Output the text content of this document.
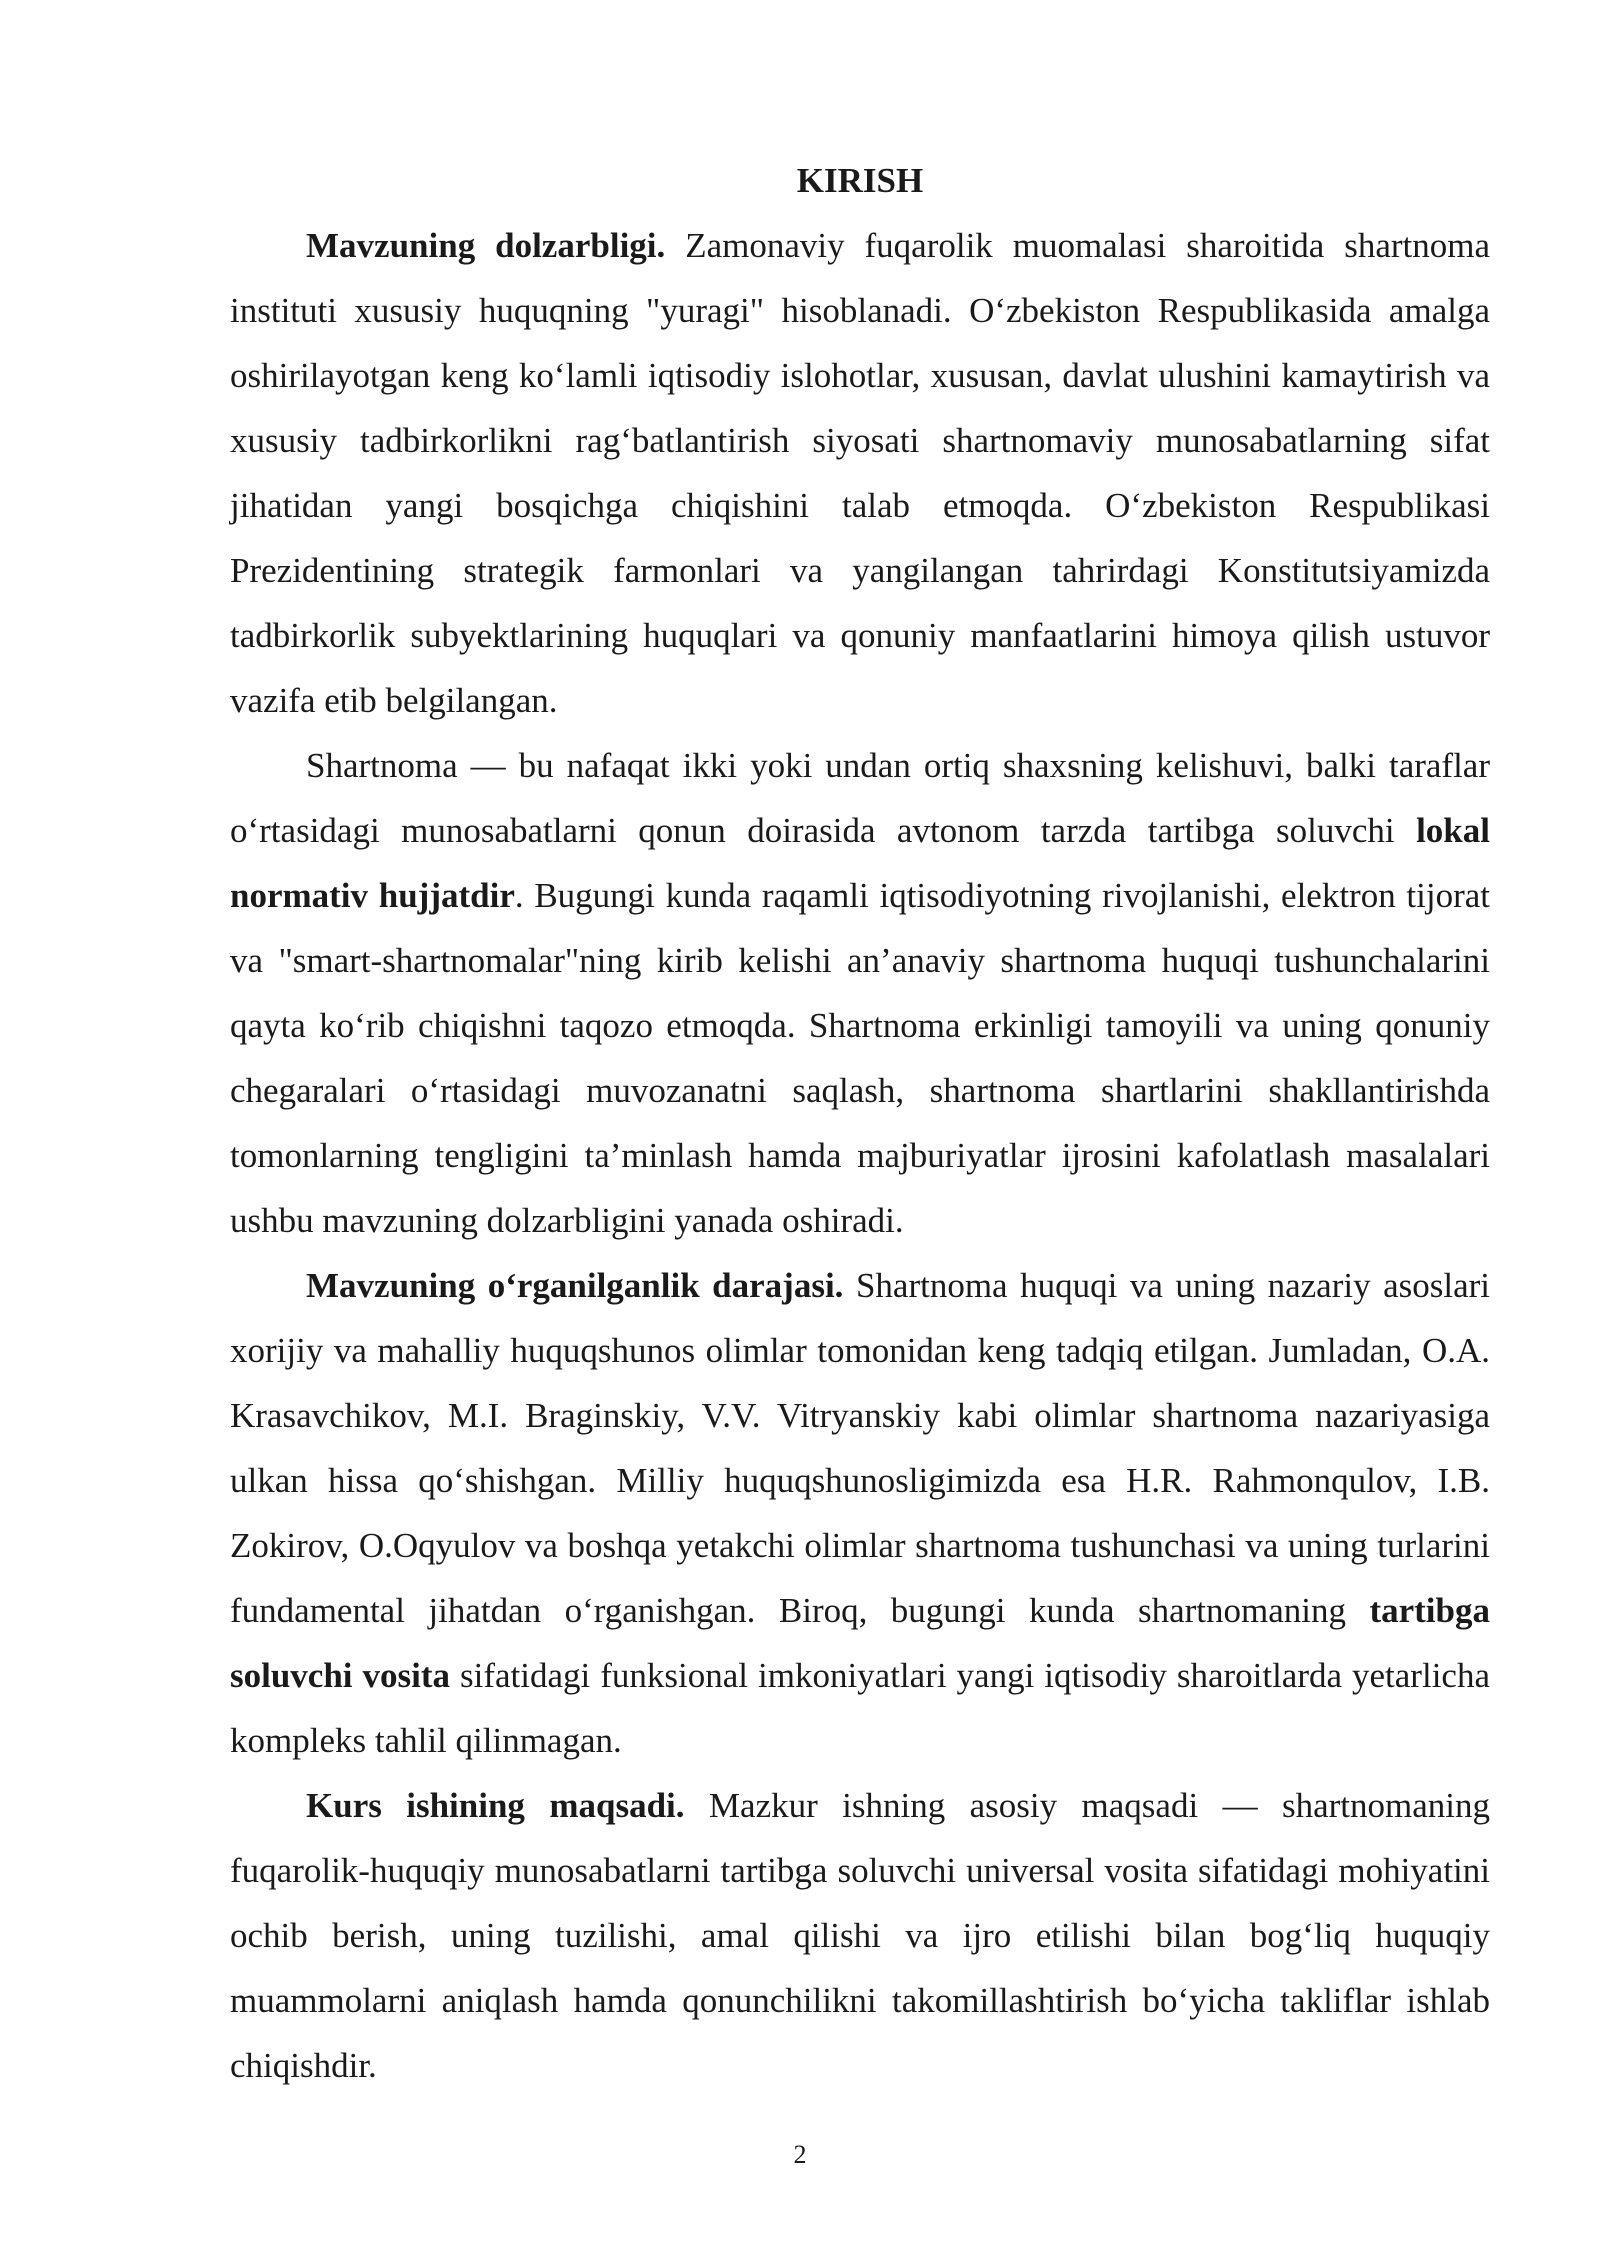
KIRISH

Mavzuning dolzarbligi. Zamonaviy fuqarolik muomalasi sharoitida shartnoma instituti xususiy huquqning "yuragi" hisoblanadi. O‘zbekiston Respublikasida amalga oshirilayotgan keng ko‘lamli iqtisodiy islohotlar, xususan, davlat ulushini kamaytirish va xususiy tadbirkorlikni rag‘batlantirish siyosati shartnomaviy munosabatlarning sifat jihatidan yangi bosqichga chiqishini talab etmoqda. O‘zbekiston Respublikasi Prezidentining strategik farmonlari va yangilangan tahrirdagi Konstitutsiyamizda tadbirkorlik subyektlarining huquqlari va qonuniy manfaatlarini himoya qilish ustuvor vazifa etib belgilangan.

Shartnoma — bu nafaqat ikki yoki undan ortiq shaxsning kelishuvi, balki taraflar o‘rtasidagi munosabatlarni qonun doirasida avtonom tarzda tartibga soluvchi lokal normativ hujjatdir. Bugungi kunda raqamli iqtisodiyotning rivojlanishi, elektron tijorat va "smart-shartnomalar"ning kirib kelishi an’anaviy shartnoma huquqi tushunchalarini qayta ko‘rib chiqishni taqozo etmoqda. Shartnoma erkinligi tamoyili va uning qonuniy chegaralari o‘rtasidagi muvozanatni saqlash, shartnoma shartlarini shakllantirishda tomonlarning tengligini ta’minlash hamda majburiyatlar ijrosini kafolatlash masalalari ushbu mavzuning dolzarbligini yanada oshiradi.

Mavzuning o‘rganilganlik darajasi. Shartnoma huquqi va uning nazariy asoslari xorijiy va mahalliy huquqshunos olimlar tomonidan keng tadqiq etilgan. Jumladan, O.A. Krasavchikov, M.I. Braginskiy, V.V. Vitryanskiy kabi olimlar shartnoma nazariyasiga ulkan hissa qo‘shishgan. Milliy huquqshunosligimizda esa H.R. Rahmonqulov, I.B. Zokirov, O.Oqyulov va boshqa yetakchi olimlar shartnoma tushunchasi va uning turlarini fundamental jihatdan o‘rganishgan. Biroq, bugungi kunda shartnomaning tartibga soluvchi vosita sifatidagi funksional imkoniyatlari yangi iqtisodiy sharoitlarda yetarlicha kompleks tahlil qilinmagan.

Kurs ishining maqsadi. Mazkur ishning asosiy maqsadi — shartnomaning fuqarolik-huquqiy munosabatlarni tartibga soluvchi universal vosita sifatidagi mohiyatini ochib berish, uning tuzilishi, amal qilishi va ijro etilishi bilan bog‘liq huquqiy muammolarni aniqlash hamda qonunchilikni takomillashtirish bo‘yicha takliflar ishlab chiqishdir.

2
